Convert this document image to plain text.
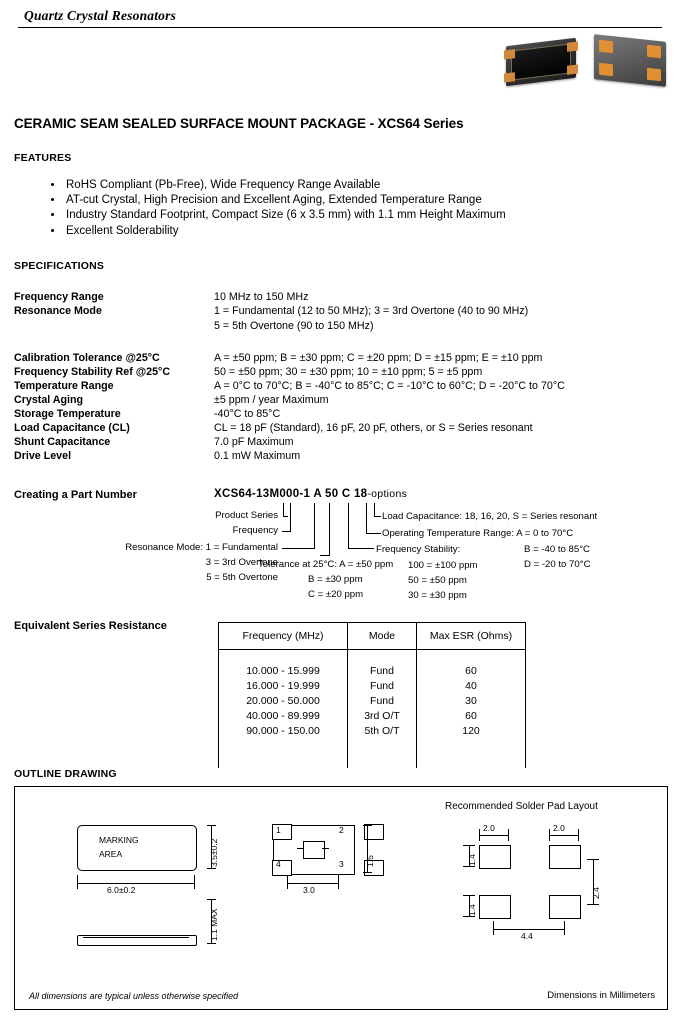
Quartz Crystal Resonators
CERAMIC SEAM SEALED SURFACE MOUNT PACKAGE - XCS64 Series
FEATURES
• RoHS Compliant (Pb-Free), Wide Frequency Range Available
• AT-cut Crystal, High Precision and Excellent Aging, Extended Temperature Range
• Industry Standard Footprint, Compact Size (6 x 3.5 mm) with 1.1 mm Height Maximum
• Excellent Solderability
SPECIFICATIONS
Frequency Range	10 MHz to 150 MHz
Resonance Mode	1 = Fundamental (12 to 50 MHz); 3 = 3rd Overtone (40 to 90 MHz)
5 = 5th Overtone (90 to 150 MHz)
Calibration Tolerance @25°C	A = ±50 ppm; B = ±30 ppm; C = ±20 ppm; D = ±15 ppm; E = ±10 ppm
Frequency Stability Ref @25°C	50 = ±50 ppm; 30 = ±30 ppm; 10 = ±10 ppm; 5 = ±5 ppm
Temperature Range	A = 0°C to 70°C; B = -40°C to 85°C; C = -10°C to 60°C; D = -20°C to 70°C
Crystal Aging	±5 ppm / year Maximum
Storage Temperature	-40°C to 85°C
Load Capacitance (CL)	CL = 18 pF (Standard), 16 pF, 20 pF, others, or S = Series resonant
Shunt Capacitance	7.0 pF Maximum
Drive Level	0.1 mW Maximum
Creating a Part Number	XCS64-13M000-1 A 50 C 18-options
Product Series
Frequency
Resonance Mode: 1 = Fundamental
3 = 3rd Overtone
5 = 5th Overtone
Tolerance at 25°C: A = ±50 ppm
B = ±30 ppm
C = ±20 ppm
Frequency Stability:
100 = ±100 ppm
50 = ±50 ppm
30 = ±30 ppm
Load Capacitance: 18, 16, 20, S = Series resonant
Operating Temperature Range: A = 0 to 70°C
B = -40 to 85°C
D = -20 to 70°C
Equivalent Series Resistance
Frequency (MHz)	Mode	Max ESR (Ohms)

10.000 - 15.999	Fund	60
16.000 - 19.999	Fund	40
20.000 - 50.000	Fund	30
40.000 - 89.999	3rd O/T	60
90.000 - 150.00	5th O/T	120

OUTLINE DRAWING
Recommended Solder Pad Layout
MARKING
AREA	3.5±0.2
6.0±0.2
1.1 MAX
1	2
3
4	1.5
3.0
2.0	2.0
1.4
1.4
2.4
4.4
All dimensions are typical unless otherwise specified	Dimensions in Millimeters
